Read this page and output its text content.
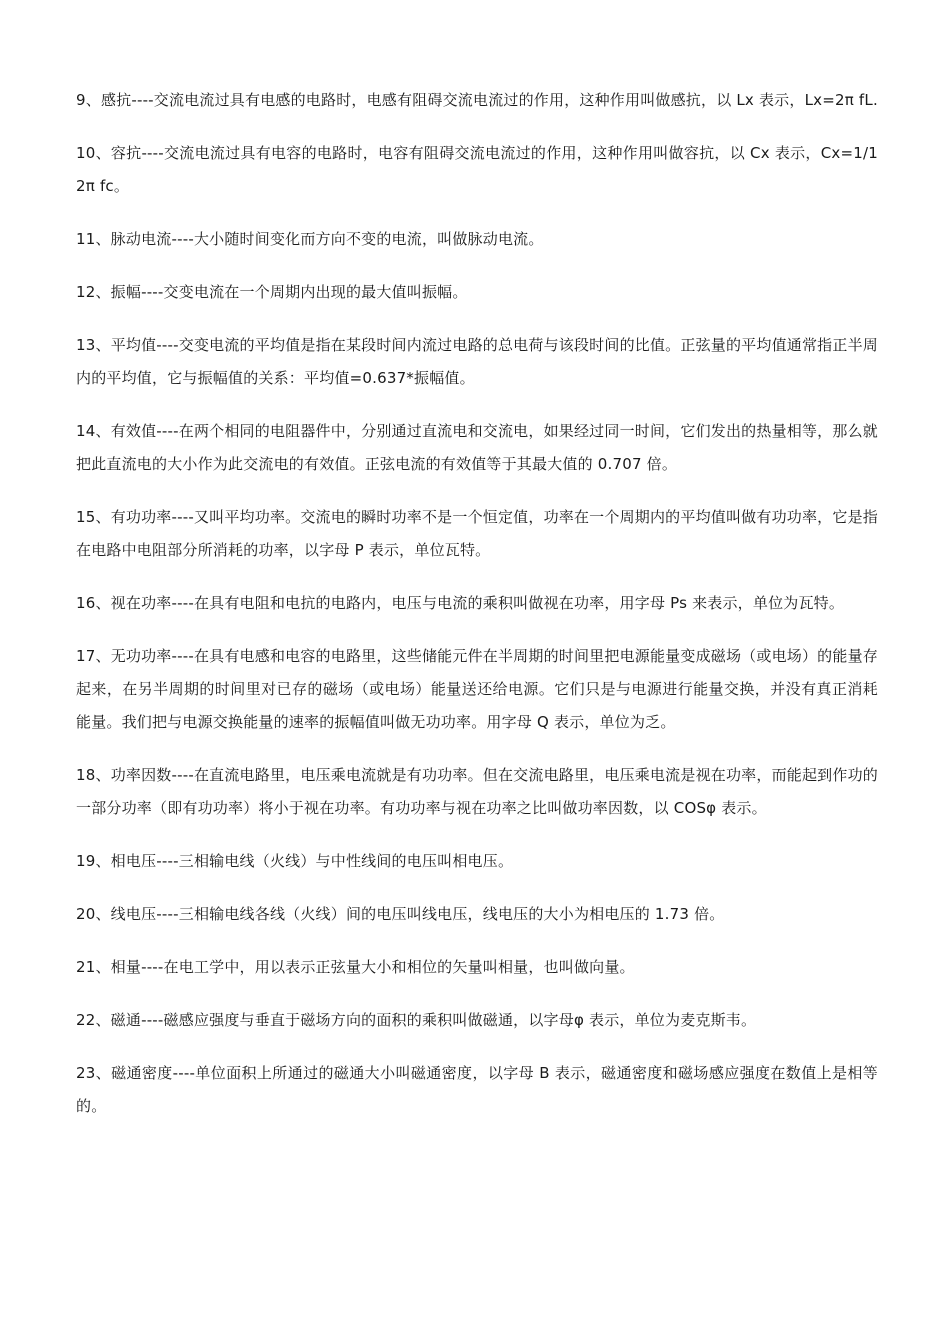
9、感抗----交流电流过具有电感的电路时，电感有阻碍交流电流过的作用，这种作用叫做感抗，以 Lx 表示，Lx=2π fL.

10、容抗----交流电流过具有电容的电路时，电容有阻碍交流电流过的作用，这种作用叫做容抗，以 Cx 表示，Cx=1/12π fc。

11、脉动电流----大小随时间变化而方向不变的电流，叫做脉动电流。

12、振幅----交变电流在一个周期内出现的最大值叫振幅。

13、平均值----交变电流的平均值是指在某段时间内流过电路的总电荷与该段时间的比值。正弦量的平均值通常指正半周内的平均值，它与振幅值的关系：平均值=0.637*振幅值。

14、有效值----在两个相同的电阻器件中，分别通过直流电和交流电，如果经过同一时间，它们发出的热量相等，那么就把此直流电的大小作为此交流电的有效值。正弦电流的有效值等于其最大值的 0.707 倍。

15、有功功率----又叫平均功率。交流电的瞬时功率不是一个恒定值，功率在一个周期内的平均值叫做有功功率，它是指在电路中电阻部分所消耗的功率，以字母 P 表示，单位瓦特。

16、视在功率----在具有电阻和电抗的电路内，电压与电流的乘积叫做视在功率，用字母 Ps 来表示，单位为瓦特。

17、无功功率----在具有电感和电容的电路里，这些储能元件在半周期的时间里把电源能量变成磁场（或电场）的能量存起来，在另半周期的时间里对已存的磁场（或电场）能量送还给电源。它们只是与电源进行能量交换，并没有真正消耗能量。我们把与电源交换能量的速率的振幅值叫做无功功率。用字母 Q 表示，单位为乏。

18、功率因数----在直流电路里，电压乘电流就是有功功率。但在交流电路里，电压乘电流是视在功率，而能起到作功的一部分功率（即有功功率）将小于视在功率。有功功率与视在功率之比叫做功率因数，以 COSφ 表示。

19、相电压----三相输电线（火线）与中性线间的电压叫相电压。

20、线电压----三相输电线各线（火线）间的电压叫线电压，线电压的大小为相电压的 1.73 倍。

21、相量----在电工学中，用以表示正弦量大小和相位的矢量叫相量，也叫做向量。

22、磁通----磁感应强度与垂直于磁场方向的面积的乘积叫做磁通，以字母φ 表示，单位为麦克斯韦。

23、磁通密度----单位面积上所通过的磁通大小叫磁通密度，以字母 B 表示，磁通密度和磁场感应强度在数值上是相等的。
